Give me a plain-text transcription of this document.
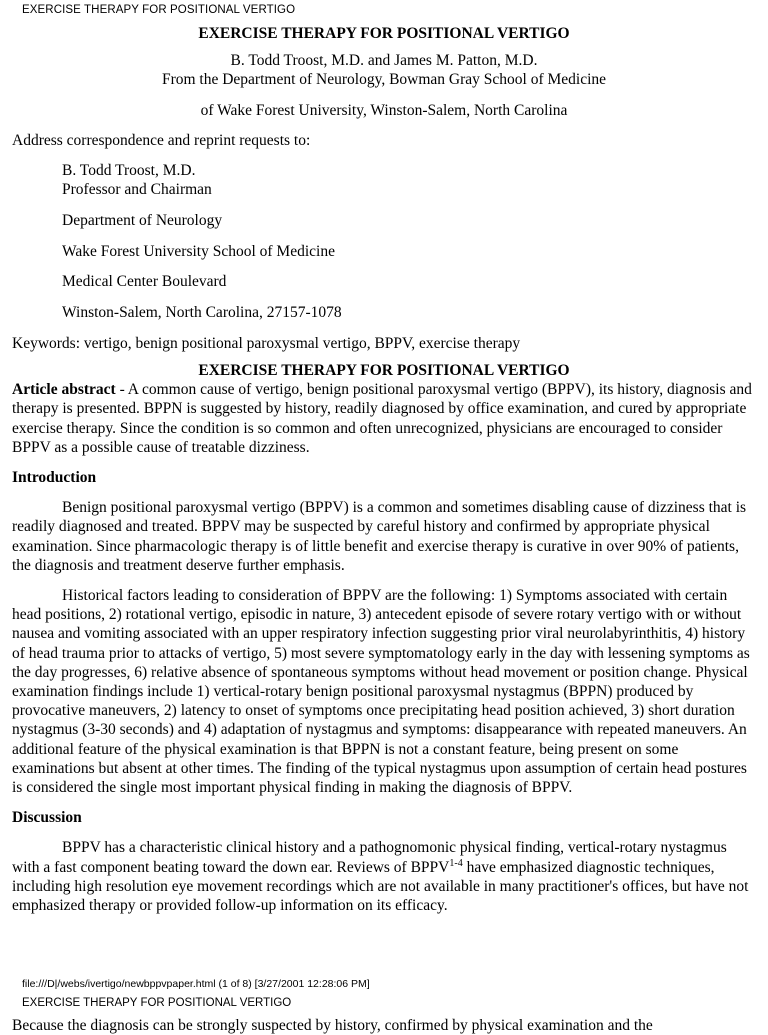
EXERCISE THERAPY FOR POSITIONAL VERTIGO

EXERCISE THERAPY FOR POSITIONAL VERTIGO

B. Todd Troost, M.D. and James M. Patton, M.D.

From the Department of Neurology, Bowman Gray School of Medicine

of Wake Forest University, Winston-Salem, North Carolina

Address correspondence and reprint requests to:

B. Todd Troost, M.D.

Professor and Chairman

Department of Neurology

Wake Forest University School of Medicine

Medical Center Boulevard

Winston-Salem, North Carolina, 27157-1078

Keywords: vertigo, benign positional paroxysmal vertigo, BPPV, exercise therapy

EXERCISE THERAPY FOR POSITIONAL VERTIGO

Article abstract - A common cause of vertigo, benign positional paroxysmal vertigo (BPPV), its history, diagnosis and therapy is presented. BPPN is suggested by history, readily diagnosed by office examination, and cured by appropriate exercise therapy. Since the condition is so common and often unrecognized, physicians are encouraged to consider BPPV as a possible cause of treatable dizziness.

Introduction

Benign positional paroxysmal vertigo (BPPV) is a common and sometimes disabling cause of dizziness that is readily diagnosed and treated. BPPV may be suspected by careful history and confirmed by appropriate physical examination. Since pharmacologic therapy is of little benefit and exercise therapy is curative in over 90% of patients, the diagnosis and treatment deserve further emphasis.

Historical factors leading to consideration of BPPV are the following: 1) Symptoms associated with certain head positions, 2) rotational vertigo, episodic in nature, 3) antecedent episode of severe rotary vertigo with or without nausea and vomiting associated with an upper respiratory infection suggesting prior viral neurolabyrinthitis, 4) history of head trauma prior to attacks of vertigo, 5) most severe symptomatology early in the day with lessening symptoms as the day progresses, 6) relative absence of spontaneous symptoms without head movement or position change. Physical examination findings include 1) vertical-rotary benign positional paroxysmal nystagmus (BPPN) produced by provocative maneuvers, 2) latency to onset of symptoms once precipitating head position achieved, 3) short duration nystagmus (3-30 seconds) and 4) adaptation of nystagmus and symptoms: disappearance with repeated maneuvers. An additional feature of the physical examination is that BPPN is not a constant feature, being present on some examinations but absent at other times. The finding of the typical nystagmus upon assumption of certain head postures is considered the single most important physical finding in making the diagnosis of BPPV.

Discussion

BPPV has a characteristic clinical history and a pathognomonic physical finding, vertical-rotary nystagmus with a fast component beating toward the down ear. Reviews of BPPV$^{1-4}$ have emphasized diagnostic techniques, including high resolution eye movement recordings which are not available in many practitioner's offices, but have not emphasized therapy or provided follow-up information on its efficacy.

file:///D|/webs/ivertigo/newbppvpaper.html (1 of 8) [3/27/2001 12:28:06 PM]
EXERCISE THERAPY FOR POSITIONAL VERTIGO
Because the diagnosis can be strongly suspected by history, confirmed by physical examination and the
